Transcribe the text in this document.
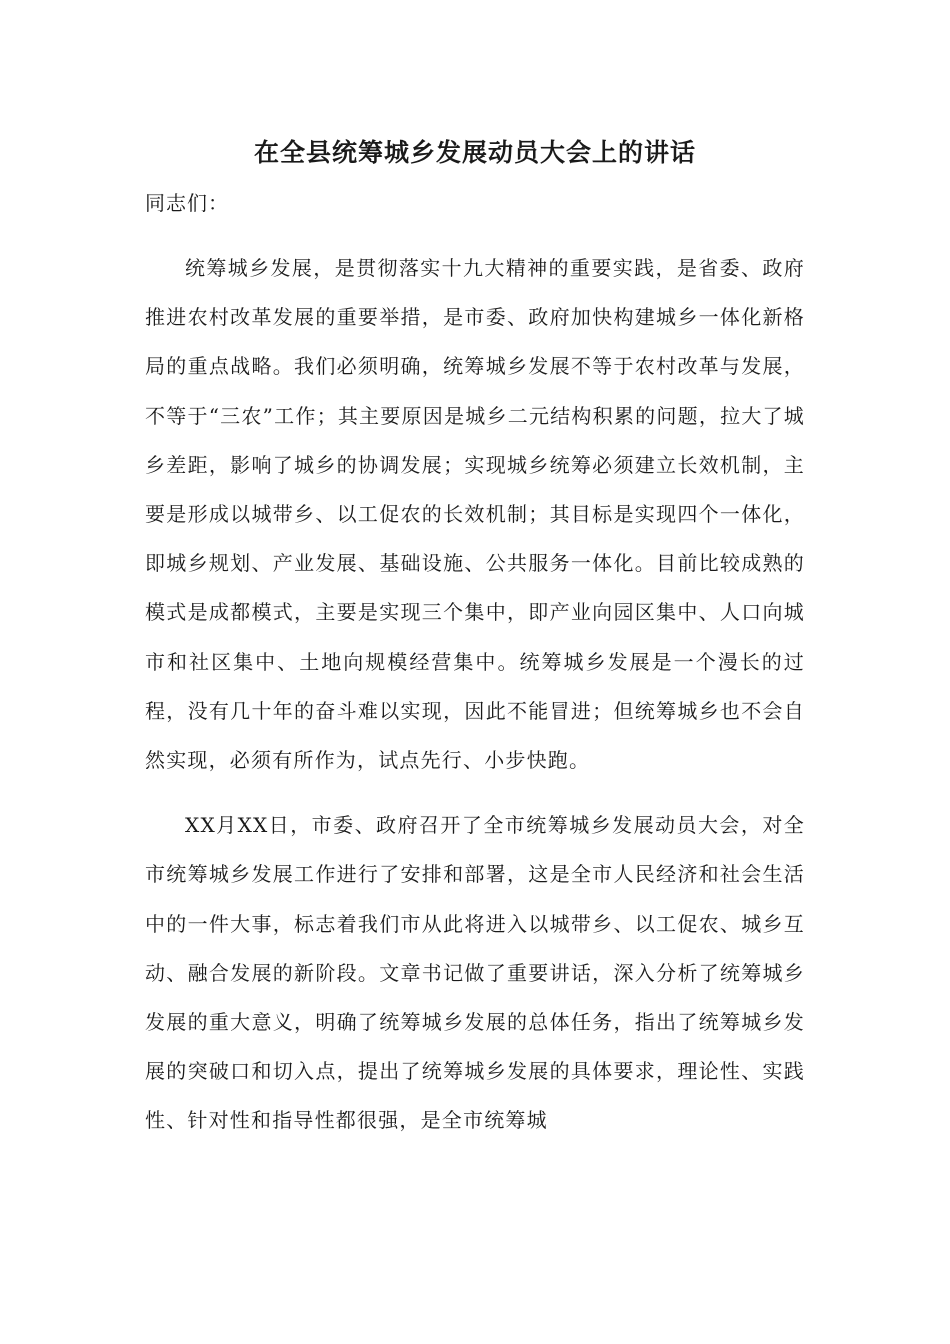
在全县统筹城乡发展动员大会上的讲话
同志们：

统筹城乡发展，是贯彻落实十九大精神的重要实践，是省委、政府推进农村改革发展的重要举措，是市委、政府加快构建城乡一体化新格局的重点战略。我们必须明确，统筹城乡发展不等于农村改革与发展，不等于“三农”工作；其主要原因是城乡二元结构积累的问题，拉大了城乡差距，影响了城乡的协调发展；实现城乡统筹必须建立长效机制，主要是形成以城带乡、以工促农的长效机制；其目标是实现四个一体化，即城乡规划、产业发展、基础设施、公共服务一体化。目前比较成熟的模式是成都模式，主要是实现三个集中，即产业向园区集中、人口向城市和社区集中、土地向规模经营集中。统筹城乡发展是一个漫长的过程，没有几十年的奋斗难以实现，因此不能冒进；但统筹城乡也不会自然实现，必须有所作为，试点先行、小步快跑。

XX月XX日，市委、政府召开了全市统筹城乡发展动员大会，对全市统筹城乡发展工作进行了安排和部署，这是全市人民经济和社会生活中的一件大事，标志着我们市从此将进入以城带乡、以工促农、城乡互动、融合发展的新阶段。文章书记做了重要讲话，深入分析了统筹城乡发展的重大意义，明确了统筹城乡发展的总体任务，指出了统筹城乡发展的突破口和切入点，提出了统筹城乡发展的具体要求，理论性、实践性、针对性和指导性都很强，是全市统筹城
